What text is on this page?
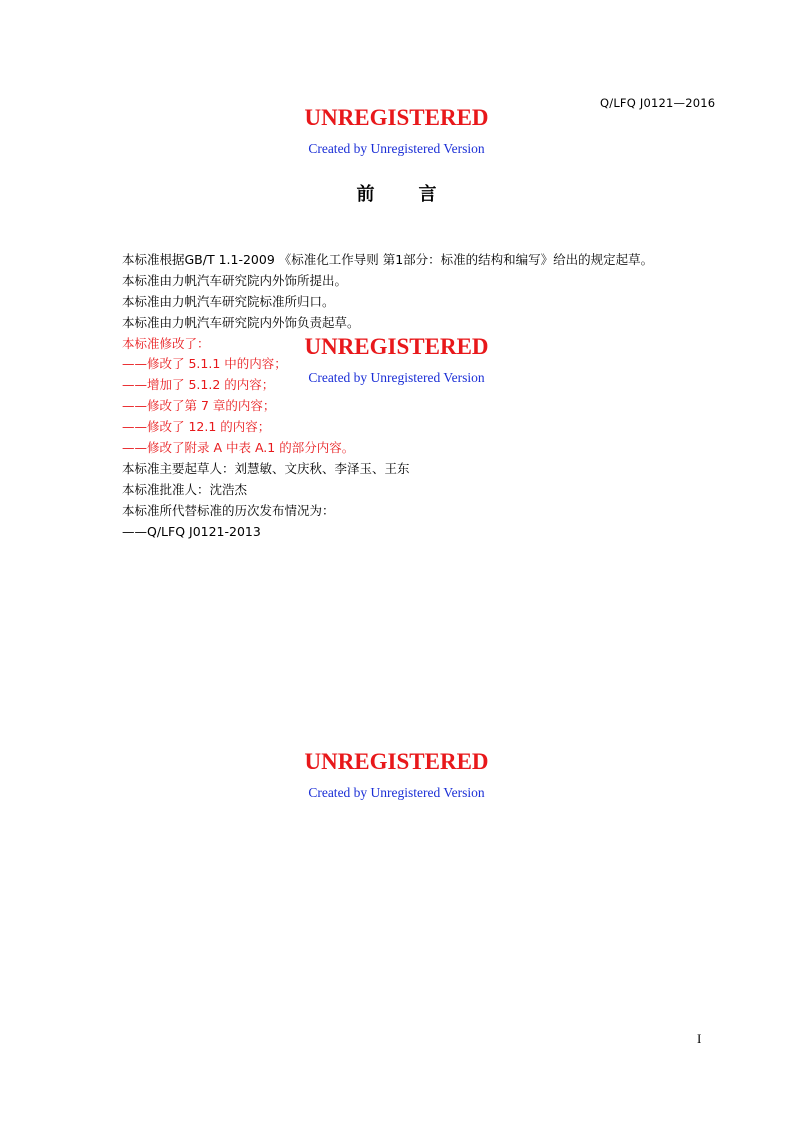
Q/LFQ J0121—2016
UNREGISTERED
Created by Unregistered Version
前言
本标准根据GB/T 1.1-2009 《标准化工作导则 第1部分：标准的结构和编写》给出的规定起草。
本标准由力帆汽车研究院内外饰所提出。
本标准由力帆汽车研究院标准所归口。
本标准由力帆汽车研究院内外饰负责起草。
本标准修改了：
——修改了 5.1.1 中的内容；
——增加了 5.1.2 的内容；
——修改了第 7 章的内容；
——修改了 12.1 的内容；
——修改了附录 A 中表 A.1 的部分内容。
本标准主要起草人：刘慧敏、文庆秋、李泽玉、王东
本标准批准人：沈浩杰
本标准所代替标准的历次发布情况为：
——Q/LFQ J0121-2013
UNREGISTERED
Created by Unregistered Version
UNREGISTERED
Created by Unregistered Version
I
